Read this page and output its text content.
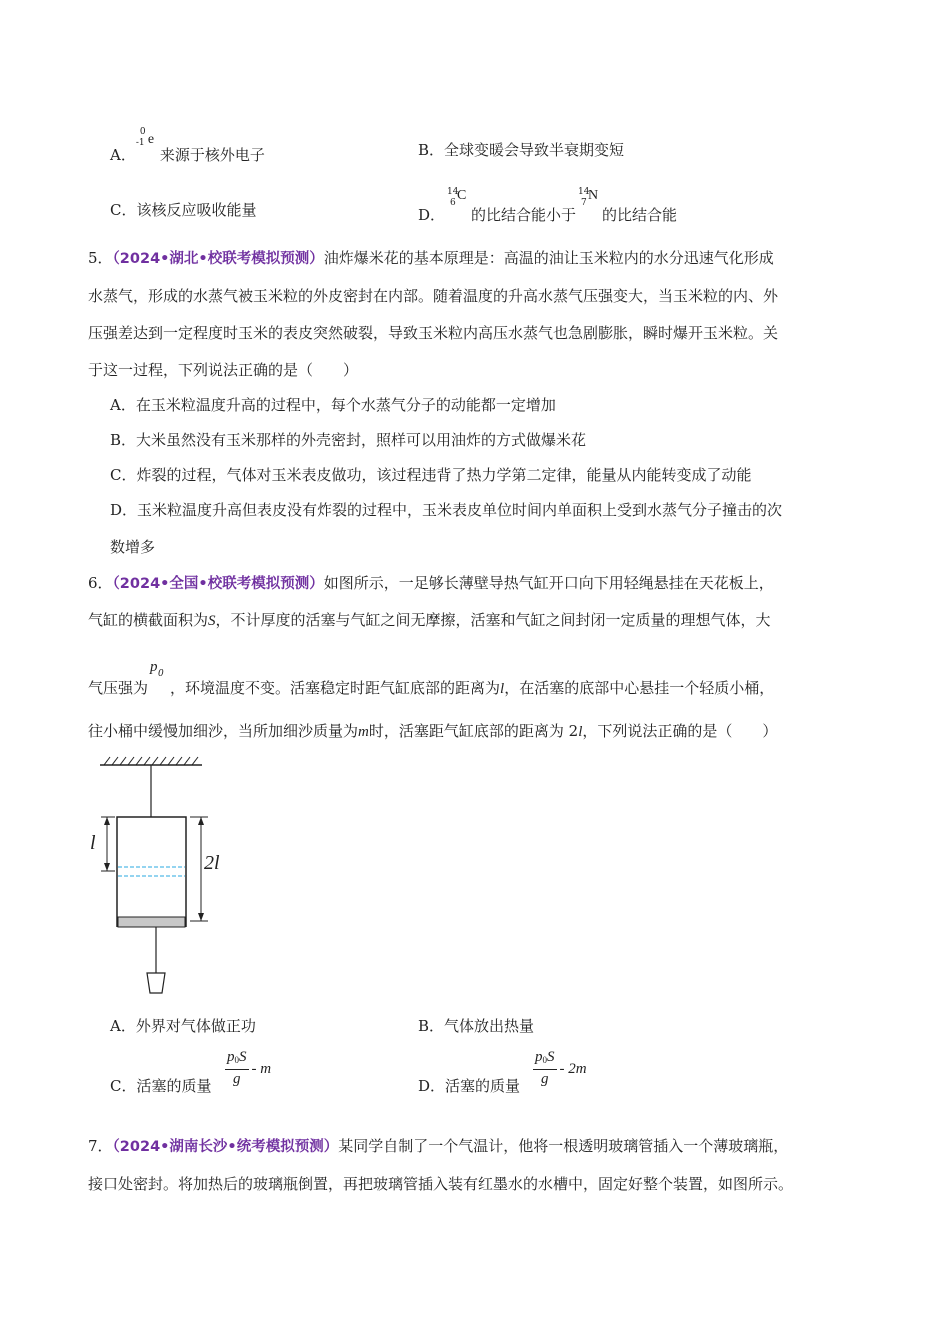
A．
0
-1 e
来源于核外电子	B．全球变暖会导致半衰期变短
C．该核反应吸收能量	D．
14
6 C
的比结合能小于
14
7 N
的比结合能
5．（2024•湖北•校联考模拟预测）油炸爆米花的基本原理是：高温的油让玉米粒内的水分迅速气化形成
水蒸气，形成的水蒸气被玉米粒的外皮密封在内部。随着温度的升高水蒸气压强变大，当玉米粒的内、外
压强差达到一定程度时玉米的表皮突然破裂，导致玉米粒内高压水蒸气也急剧膨胀，瞬时爆开玉米粒。关
于这一过程，下列说法正确的是（　　）
A．在玉米粒温度升高的过程中，每个水蒸气分子的动能都一定增加
B．大米虽然没有玉米那样的外壳密封，照样可以用油炸的方式做爆米花
C．炸裂的过程，气体对玉米表皮做功，该过程违背了热力学第二定律，能量从内能转变成了动能
D．玉米粒温度升高但表皮没有炸裂的过程中，玉米表皮单位时间内单面积上受到水蒸气分子撞击的次
数增多
6．（2024•全国•校联考模拟预测）如图所示，一足够长薄壁导热气缸开口向下用轻绳悬挂在天花板上，
气缸的横截面积为S，不计厚度的活塞与气缸之间无摩擦，活塞和气缸之间封闭一定质量的理想气体，大
气压强为
p 0
，环境温度不变。活塞稳定时距气缸底部的距离为l，在活塞的底部中心悬挂一个轻质小桶，
往小桶中缓慢加细沙，当所加细沙质量为m时，活塞距气缸底部的距离为 2l，下列说法正确的是（　　）
l
2l
A．外界对气体做正功	B．气体放出热量
C．活塞的质量 $\frac{p0S}{g}$ - m
D．活塞的质量 $\frac{p0S}{g} - 2m$
7．（2024•湖南长沙•统考模拟预测）某同学自制了一个气温计，他将一根透明玻璃管插入一个薄玻璃瓶，
接口处密封。将加热后的玻璃瓶倒置，再把玻璃管插入装有红墨水的水槽中，固定好整个装置，如图所示。
